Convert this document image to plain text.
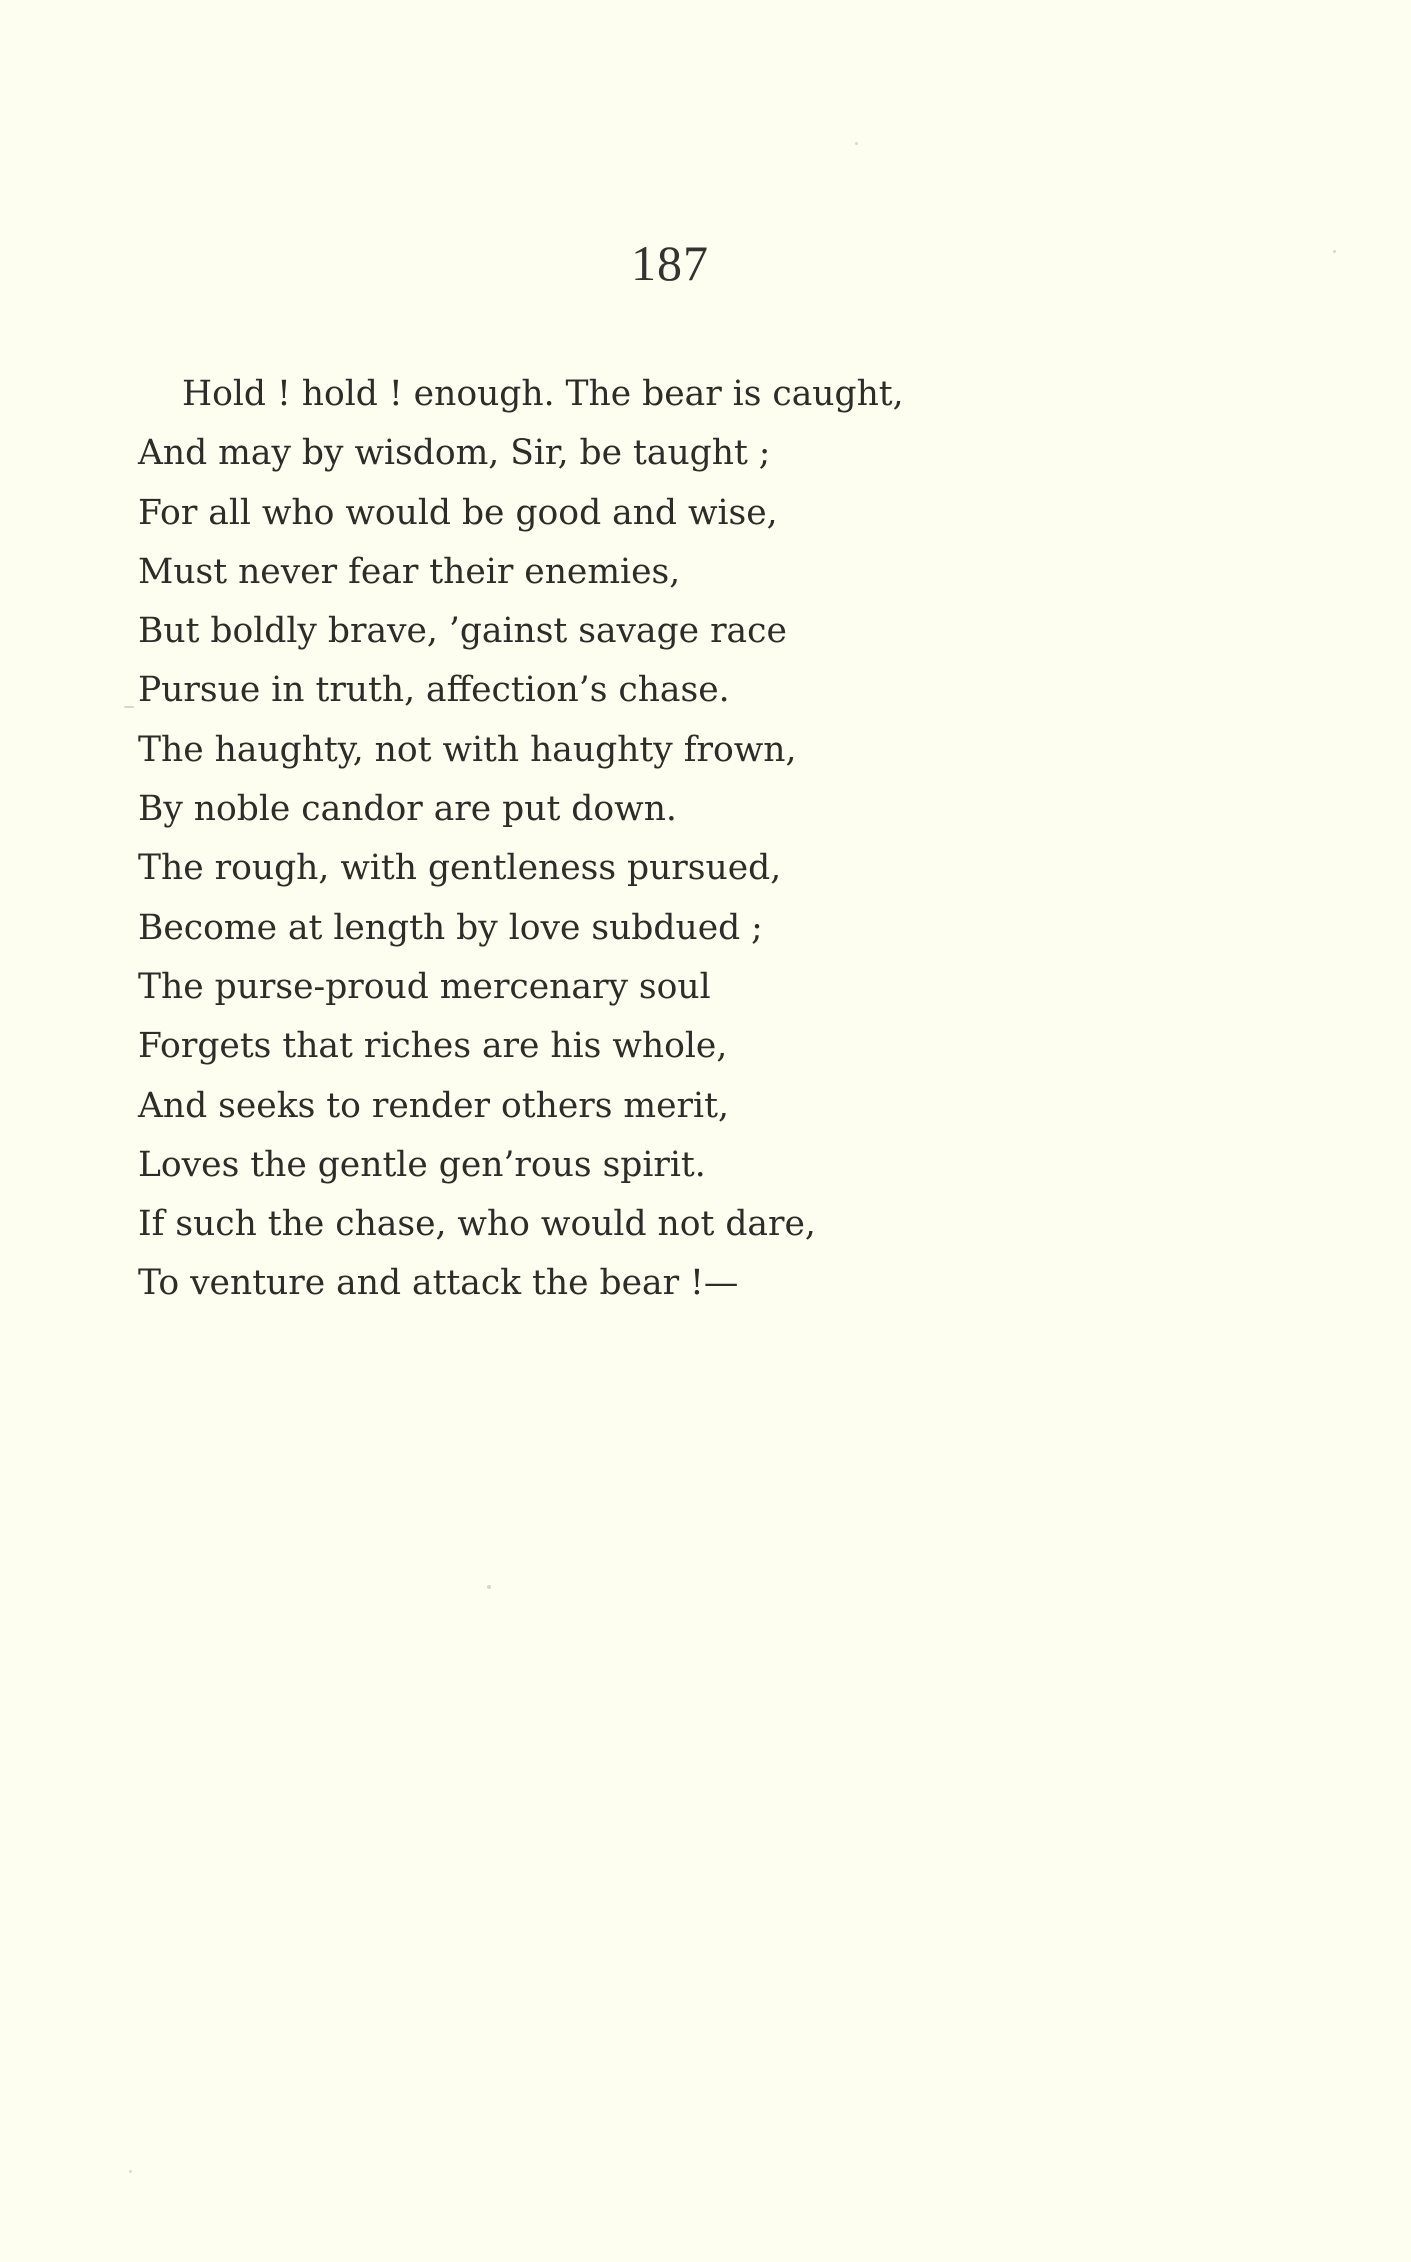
187
Hold ! hold ! enough. The bear is caught,
And may by wisdom, Sir, be taught ;
For all who would be good and wise,
Must never fear their enemies,
But boldly brave, ’gainst savage race
Pursue in truth, affection’s chase.
The haughty, not with haughty frown,
By noble candor are put down.
The rough, with gentleness pursued,
Become at length by love subdued ;
The purse-proud mercenary soul
Forgets that riches are his whole,
And seeks to render others merit,
Loves the gentle gen’rous spirit.
If such the chase, who would not dare,
To venture and attack the bear !—
